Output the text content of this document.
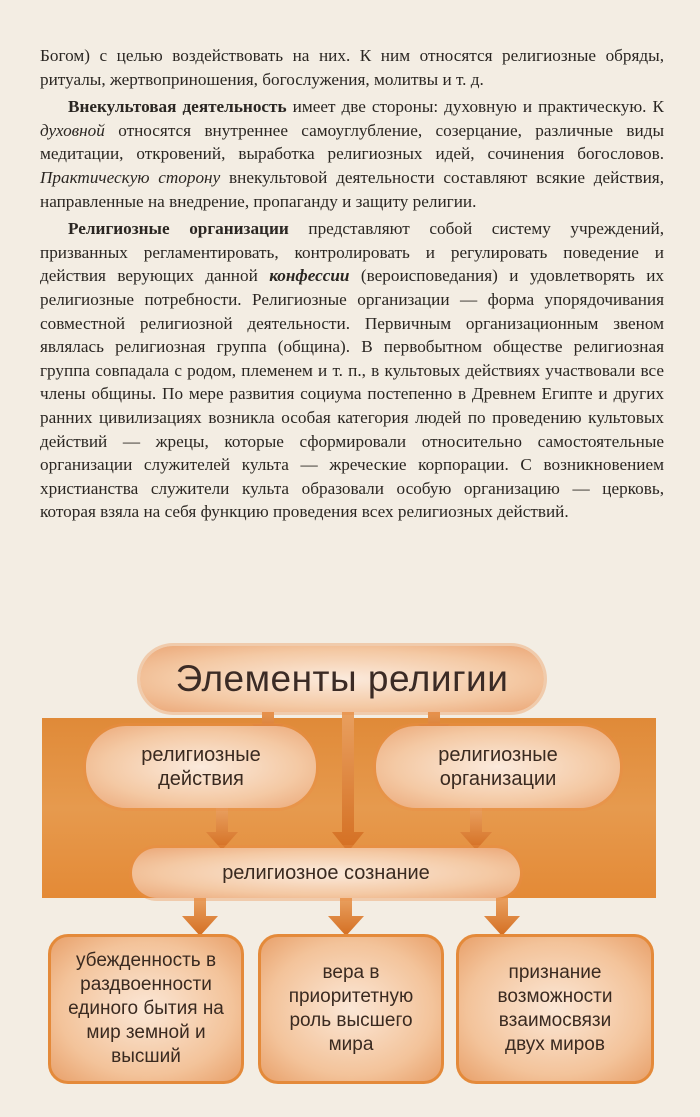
Богом) с целью воздействовать на них. К ним относятся религиозные обряды, ритуалы, жертвоприношения, богослужения, молитвы и т. д.

Внекультовая деятельность имеет две стороны: духовную и практическую. К духовной относятся внутреннее самоуглубление, созерцание, различные виды медитации, откровений, выработка религиозных идей, сочинения богословов. Практическую сторону внекультовой деятельности составляют всякие действия, направленные на внедрение, пропаганду и защиту религии.

Религиозные организации представляют собой систему учреждений, призванных регламентировать, контролировать и регулировать поведение и действия верующих данной конфессии (вероисповедания) и удовлетворять их религиозные потребности. Религиозные организации — форма упорядочивания совместной религиозной деятельности. Первичным организационным звеном являлась религиозная группа (община). В первобытном обществе религиозная группа совпадала с родом, племенем и т. п., в культовых действиях участвовали все члены общины. По мере развития социума постепенно в Древнем Египте и других ранних цивилизациях возникла особая категория людей по проведению культовых действий — жрецы, которые сформировали относительно самостоятельные организации служителей культа — жреческие корпорации. С возникновением христианства служители культа образовали особую организацию — церковь, которая взяла на себя функцию проведения всех религиозных действий.

Элементы религии
религиозные действия
религиозные организации
религиозное сознание
убежденность в раздвоенности единого бытия на мир земной и высший
вера в приоритетную роль высшего мира
признание возможности взаимосвязи двух миров
